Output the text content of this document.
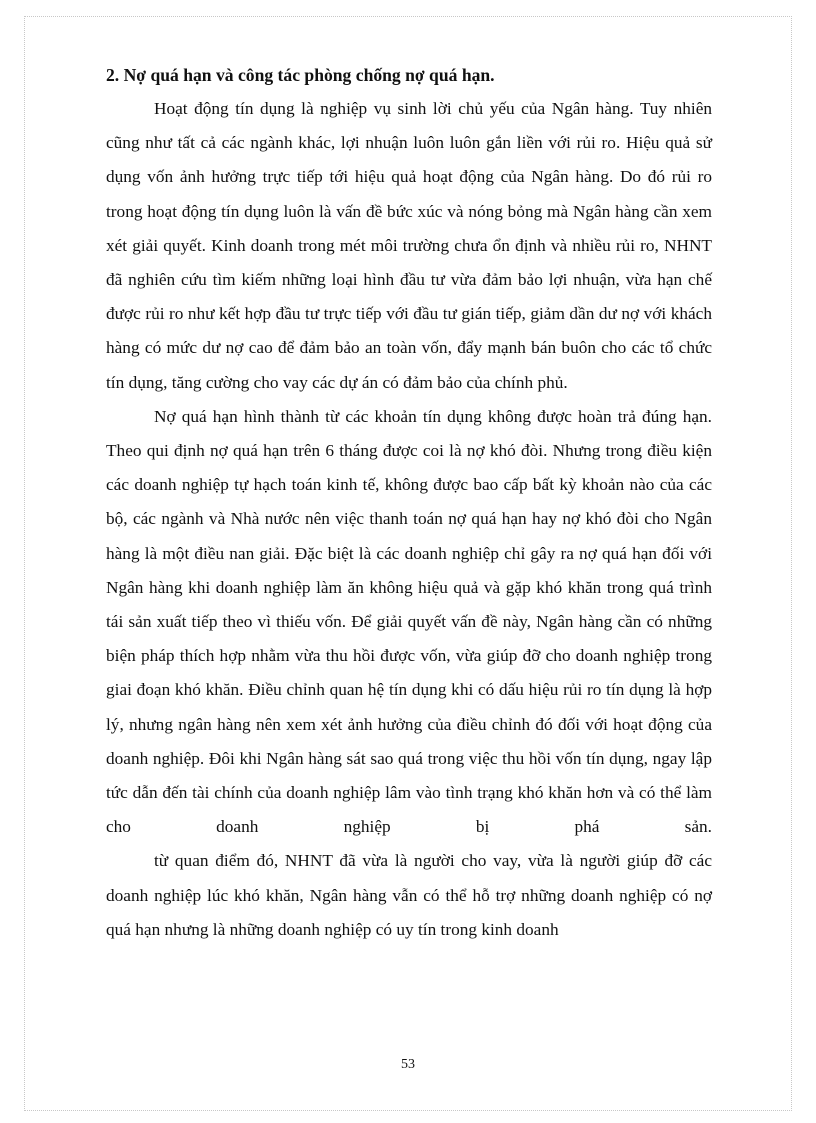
2. Nợ quá hạn và công tác phòng chống nợ quá hạn.

Hoạt động tín dụng là nghiệp vụ sinh lời chủ yếu của Ngân hàng. Tuy nhiên cũng như tất cả các ngành khác, lợi nhuận luôn luôn gắn liền với rủi ro. Hiệu quả sử dụng vốn ảnh hưởng trực tiếp tới hiệu quả hoạt động của Ngân hàng. Do đó rủi ro trong hoạt động tín dụng luôn là vấn đề bức xúc và nóng bỏng mà Ngân hàng cần xem xét giải quyết. Kinh doanh trong mét môi trường chưa ổn định và nhiều rủi ro, NHNT đã nghiên cứu tìm kiếm những loại hình đầu tư vừa đảm bảo lợi nhuận, vừa hạn chế được rủi ro như kết hợp đầu tư trực tiếp với đầu tư gián tiếp, giảm dần dư nợ với khách hàng có mức dư nợ cao để đảm bảo an toàn vốn, đẩy mạnh bán buôn cho các tổ chức tín dụng, tăng cường cho vay các dự án có đảm bảo của chính phủ.

Nợ quá hạn hình thành từ các khoản tín dụng không được hoàn trả đúng hạn. Theo qui định nợ quá hạn trên 6 tháng được coi là nợ khó đòi. Nhưng trong điều kiện các doanh nghiệp tự hạch toán kinh tế, không được bao cấp bất kỳ khoản nào của các bộ, các ngành và Nhà nước nên việc thanh toán nợ quá hạn hay nợ khó đòi cho Ngân hàng là một điều nan giải. Đặc biệt là các doanh nghiệp chỉ gây ra nợ quá hạn đối với Ngân hàng khi doanh nghiệp làm ăn không hiệu quả và gặp khó khăn trong quá trình tái sản xuất tiếp theo vì thiếu vốn. Để giải quyết vấn đề này, Ngân hàng cần có những biện pháp thích hợp nhằm vừa thu hồi được vốn, vừa giúp đỡ cho doanh nghiệp trong giai đoạn khó khăn. Điều chỉnh quan hệ tín dụng khi có dấu hiệu rủi ro tín dụng là hợp lý, nhưng ngân hàng nên xem xét ảnh hưởng của điều chỉnh đó đối với hoạt động của doanh nghiệp. Đôi khi Ngân hàng sát sao quá trong việc thu hồi vốn tín dụng, ngay lập tức dẫn đến tài chính của doanh nghiệp lâm vào tình trạng khó khăn hơn và có thể làm cho doanh nghiệp bị phá sản.

từ quan điểm đó, NHNT đã vừa là người cho vay, vừa là người giúp đỡ các doanh nghiệp lúc khó khăn, Ngân hàng vẫn có thể hỗ trợ những doanh nghiệp có nợ quá hạn nhưng là những doanh nghiệp có uy tín trong kinh doanh

53
